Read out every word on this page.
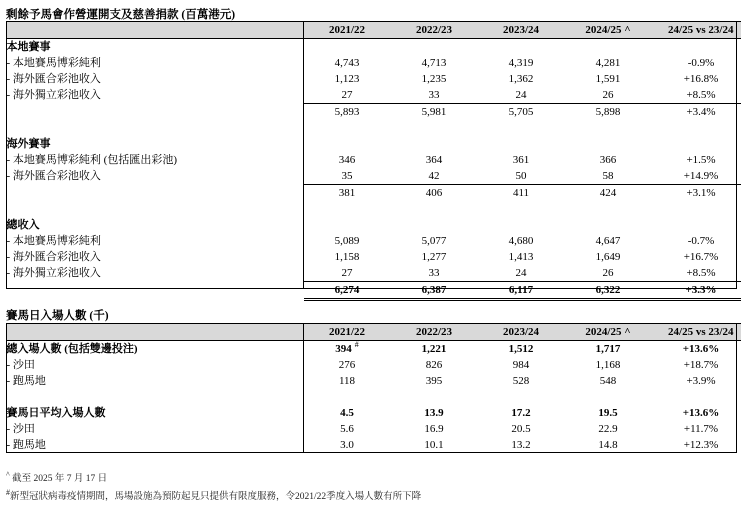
剩餘予馬會作營運開支及慈善捐款 (百萬港元)
	2021/22	2022/23	2023/24	2024/25 ^	24/25 vs 23/24
本地賽事					
- 本地賽馬博彩純利	4,743	4,713	4,319	4,281	-0.9%
- 海外匯合彩池收入	1,123	1,235	1,362	1,591	+16.8%
- 海外獨立彩池收入	27	33	24	26	+8.5%
	5,893	5,981	5,705	5,898	+3.4%

海外賽事					
- 本地賽馬博彩純利 (包括匯出彩池)	346	364	361	366	+1.5%
- 海外匯合彩池收入	35	42	50	58	+14.9%
	381	406	411	424	+3.1%

總收入					
- 本地賽馬博彩純利	5,089	5,077	4,680	4,647	-0.7%
- 海外匯合彩池收入	1,158	1,277	1,413	1,649	+16.7%
- 海外獨立彩池收入	27	33	24	26	+8.5%
	6,274	6,387	6,117	6,322	+3.3%
賽馬日入場人數 (千)
	2021/22	2022/23	2023/24	2024/25 ^	24/25 vs 23/24
總入場人數 (包括雙邊投注)	394 #	1,221	1,512	1,717	+13.6%
- 沙田	276	826	984	1,168	+18.7%
- 跑馬地	118	395	528	548	+3.9%

賽馬日平均入場人數	4.5	13.9	17.2	19.5	+13.6%
- 沙田	5.6	16.9	20.5	22.9	+11.7%
- 跑馬地	3.0	10.1	13.2	14.8	+12.3%
^ 截至 2025 年 7 月 17 日
#新型冠狀病毒疫情期間，馬場設施為預防起見只提供有限度服務，令2021/22季度入場人數有所下降
